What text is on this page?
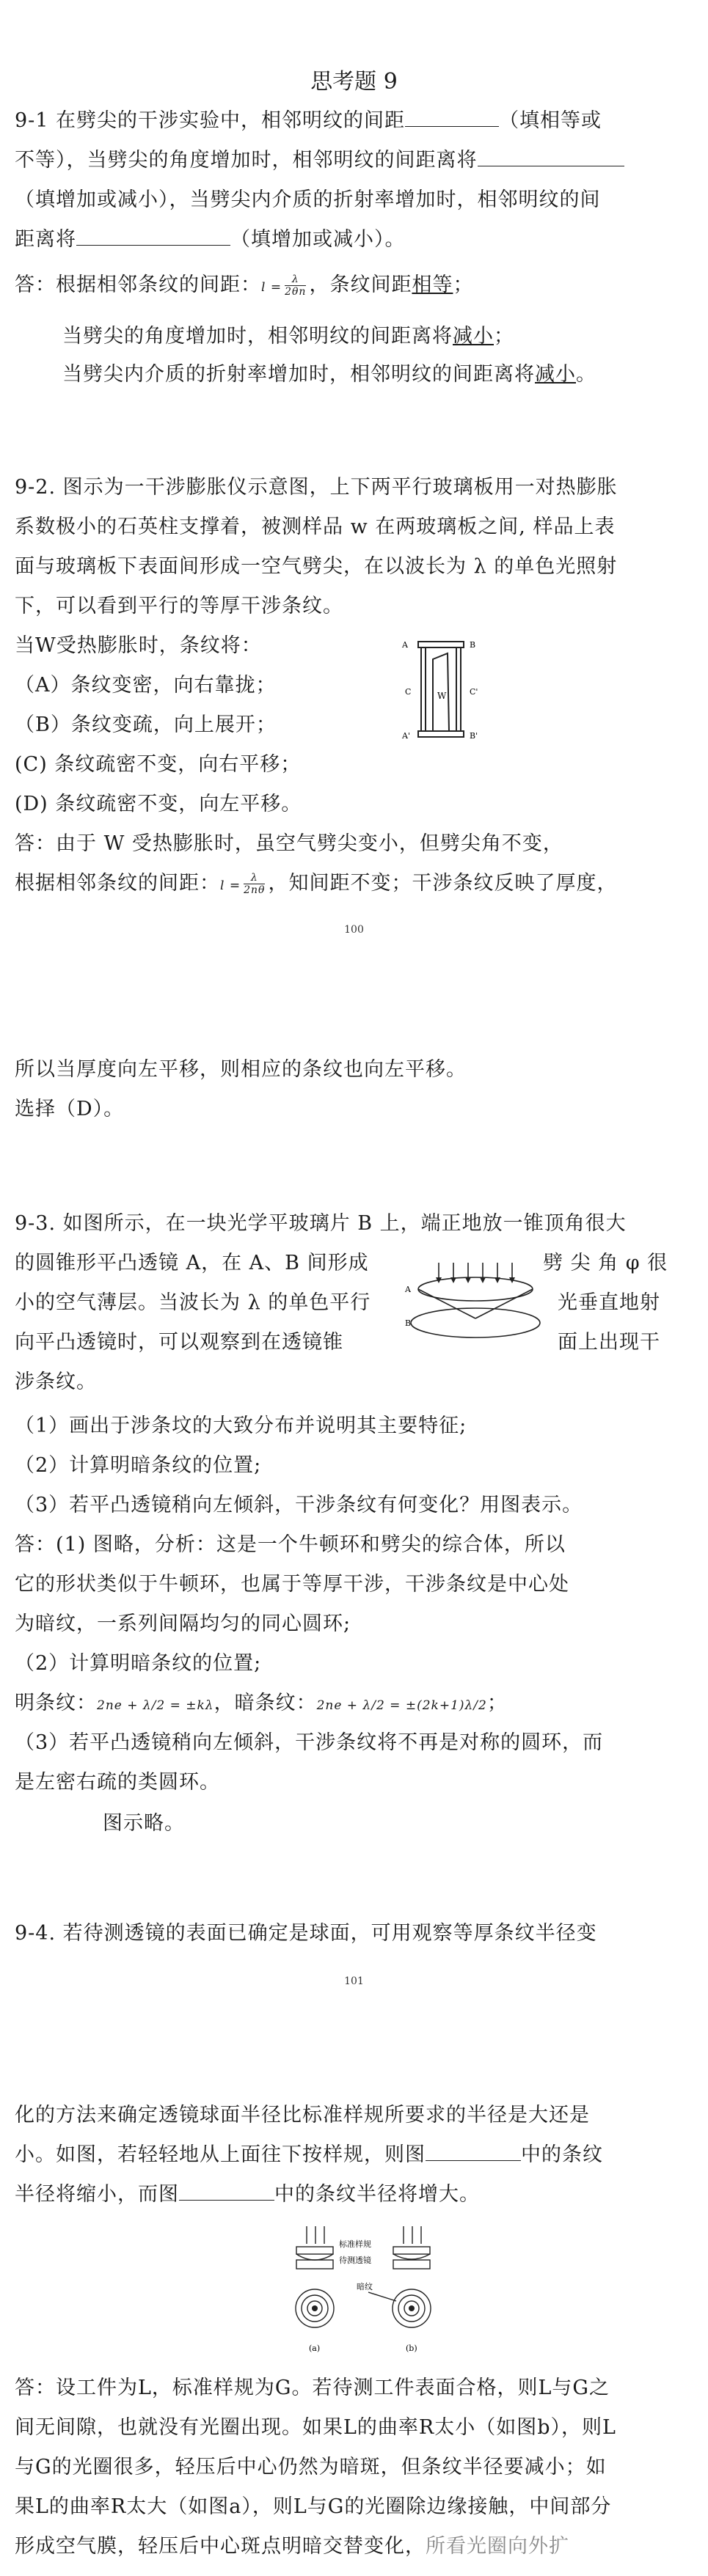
思考题 9
9-1 在劈尖的干涉实验中，相邻明纹的间距	（填相等或
不等），当劈尖的角度增加时，相邻明纹的间距离将
（填增加或减小），当劈尖内介质的折射率增加时，相邻明纹的间
距离将	（填增加或减小）。
答：根据相邻条纹的间距：$l = \frac{\lambda}{2\theta n}$ ，条纹间距相等；
当劈尖的角度增加时，相邻明纹的间距离将减小；
当劈尖内介质的折射率增加时，相邻明纹的间距离将减小。
9-2. 图示为一干涉膨胀仪示意图，上下两平行玻璃板用一对热膨胀
系数极小的石英柱支撑着，被测样品 w 在两玻璃板之间, 样品上表
面与玻璃板下表面间形成一空气劈尖，在以波长为 λ 的单色光照射
下，可以看到平行的等厚干涉条纹。
当W受热膨胀时，条纹将：
（A）条纹变密，向右靠拢；
（B）条纹变疏，向上展开；
(C) 条纹疏密不变，向右平移；
(D) 条纹疏密不变，向左平移。
A	B
C	C'
W
A'	B'
答：由于 W 受热膨胀时，虽空气劈尖变小，但劈尖角不变，
根据相邻条纹的间距：$l = \frac{\lambda}{2n\theta}$ ，知间距不变；干涉条纹反映了厚度，
100
所以当厚度向左平移，则相应的条纹也向左平移。
选择（D）。
9-3. 如图所示，在一块光学平玻璃片 B 上，端正地放一锥顶角很大
的圆锥形平凸透镜 A，在 A、B 间形成	劈 尖 角 φ 很
小的空气薄层。当波长为 λ 的单色平行	光垂直地射
向平凸透镜时，可以观察到在透镜锥	面上出现干
涉条纹。
A
B
（1）画出于涉条坟的大致分布并说明其主要特征;
（2）计算明暗条纹的位置;
（3）若平凸透镜稍向左倾斜，干涉条纹有何变化？用图表示。
答：(1) 图略，分析：这是一个牛顿环和劈尖的综合体，所以
它的形状类似于牛顿环，也属于等厚干涉，干涉条纹是中心处
为暗纹，一系列间隔均匀的同心圆环;
（2）计算明暗条纹的位置;
明条纹：2ne + λ/2 = ±kλ，暗条纹：2ne + λ/2 = ±(2k+1)λ/2；
（3）若平凸透镜稍向左倾斜，干涉条纹将不再是对称的圆环，而
是左密右疏的类圆环。
图示略。
9-4. 若待测透镜的表面已确定是球面，可用观察等厚条纹半径变
101
化的方法来确定透镜球面半径比标准样规所要求的半径是大还是
小。如图，若轻轻地从上面往下按样规，则图	中的条纹
半径将缩小，而图	中的条纹半径将增大。
标准样规
待测透镜
暗纹
(a)	(b)
答：设工件为L，标准样规为G。若待测工件表面合格，则L与G之
间无间隙，也就没有光圈出现。如果L的曲率R太小（如图b），则L
与G的光圈很多，轻压后中心仍然为暗斑，但条纹半径要减小；如
果L的曲率R太大（如图a），则L与G的光圈除边缘接触，中间部分
形成空气膜，轻压后中心斑点明暗交替变化，所看光圈向外扩
